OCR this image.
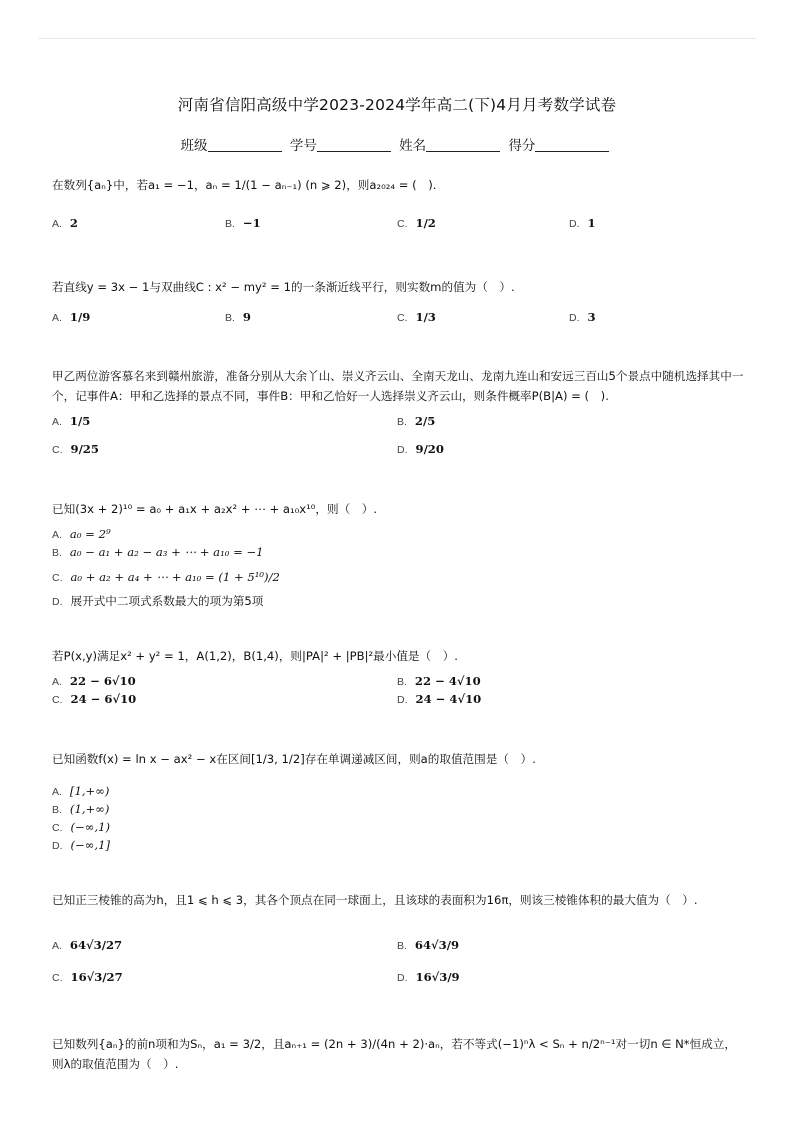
河南省信阳高级中学2023-2024学年高二(下)4月月考数学试卷
班级	学号	姓名	得分
在数列{aₙ}中，若a₁ = −1，aₙ = 1/(1 − aₙ₋₁) (n ⩾ 2)，则a₂₀₂₄ = (　).
A. 2	B. −1	C. 1/2	D. 1
若直线y = 3x − 1与双曲线C : x² − my² = 1的一条渐近线平行，则实数m的值为（　）.
A. 1/9	B. 9	C. 1/3	D. 3
甲乙两位游客慕名来到赣州旅游，准备分别从大余丫山、崇义齐云山、全南天龙山、龙南九连山和安远三百山5个景点中随机选择其中一个，记事件A：甲和乙选择的景点不同，事件B：甲和乙恰好一人选择崇义齐云山，则条件概率P(B|A) = (　).
A. 1/5	B. 2/5
C. 9/25	D. 9/20
已知(3x + 2)¹⁰ = a₀ + a₁x + a₂x² + ⋯ + a₁₀x¹⁰，则（　）.
A. a₀ = 2⁹
B. a₀ − a₁ + a₂ − a₃ + ⋯ + a₁₀ = −1
C. a₀ + a₂ + a₄ + ⋯ + a₁₀ = (1 + 5¹⁰)/2
D. 展开式中二项式系数最大的项为第5项
若P(x,y)满足x² + y² = 1，A(1,2)，B(1,4)，则|PA|² + |PB|²最小值是（　）.
A. 22 − 6√10	B. 22 − 4√10
C. 24 − 6√10	D. 24 − 4√10
已知函数f(x) = ln x − ax² − x在区间[1/3, 1/2]存在单调递减区间，则a的取值范围是（　）.
A. [1,+∞)
B. (1,+∞)
C. (−∞,1)
D. (−∞,1]
已知正三棱锥的高为h，且1 ⩽ h ⩽ 3，其各个顶点在同一球面上，且该球的表面积为16π，则该三棱锥体积的最大值为（　）.
A. 64√3/27	B. 64√3/9
C. 16√3/27	D. 16√3/9
已知数列{aₙ}的前n项和为Sₙ，a₁ = 3/2，且aₙ₊₁ = (2n + 3)/(4n + 2)·aₙ，若不等式(−1)ⁿλ < Sₙ + n/2ⁿ⁻¹对一切n ∈ N*恒成立，则λ的取值范围为（　）.
